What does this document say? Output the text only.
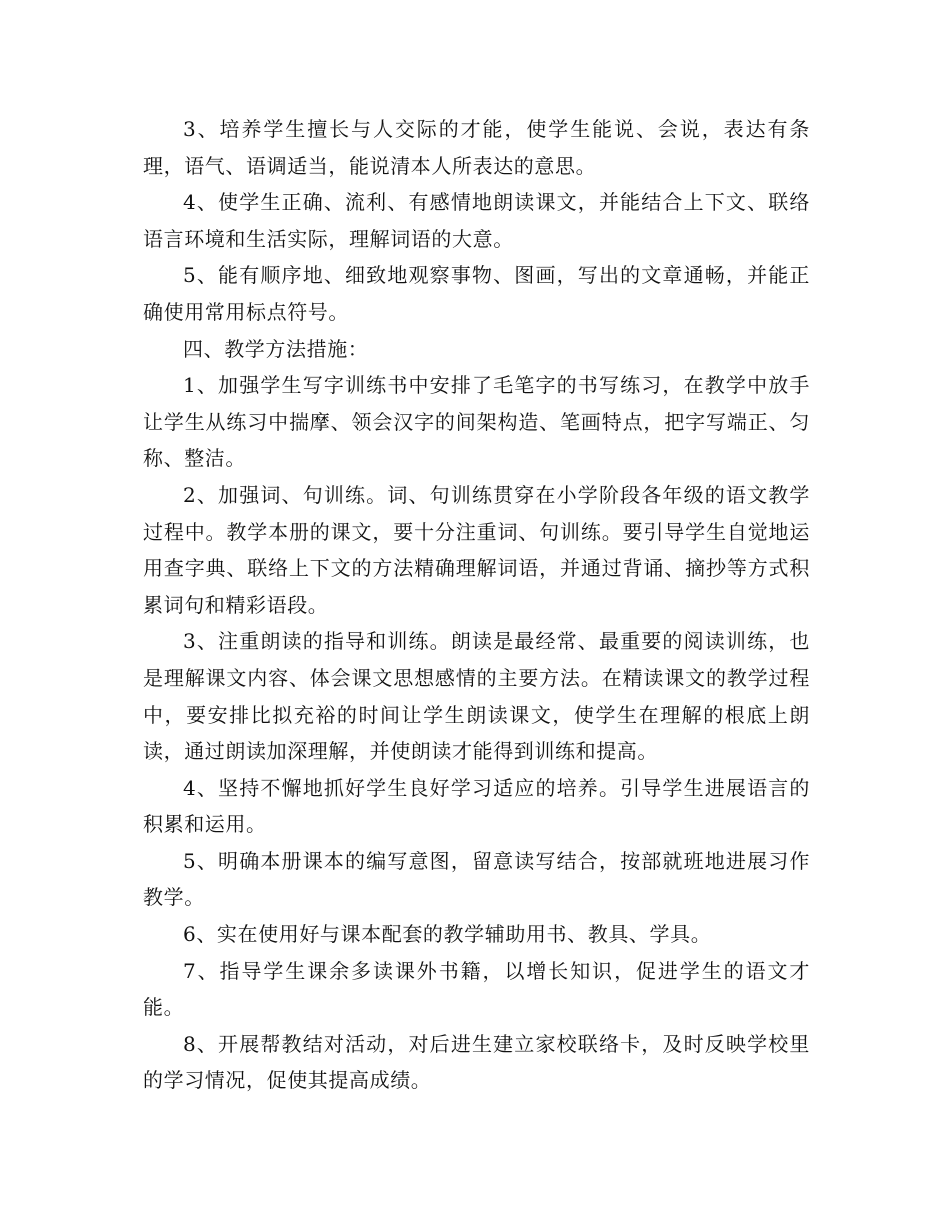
3、培养学生擅长与人交际的才能，使学生能说、会说，表达有条理，语气、语调适当，能说清本人所表达的意思。

4、使学生正确、流利、有感情地朗读课文，并能结合上下文、联络语言环境和生活实际，理解词语的大意。

5、能有顺序地、细致地观察事物、图画，写出的文章通畅，并能正确使用常用标点符号。

四、教学方法措施：

1、加强学生写字训练书中安排了毛笔字的书写练习，在教学中放手让学生从练习中揣摩、领会汉字的间架构造、笔画特点，把字写端正、匀称、整洁。

2、加强词、句训练。词、句训练贯穿在小学阶段各年级的语文教学过程中。教学本册的课文，要十分注重词、句训练。要引导学生自觉地运用查字典、联络上下文的方法精确理解词语，并通过背诵、摘抄等方式积累词句和精彩语段。

3、注重朗读的指导和训练。朗读是最经常、最重要的阅读训练，也是理解课文内容、体会课文思想感情的主要方法。在精读课文的教学过程中，要安排比拟充裕的时间让学生朗读课文，使学生在理解的根底上朗读，通过朗读加深理解，并使朗读才能得到训练和提高。

4、坚持不懈地抓好学生良好学习适应的培养。引导学生进展语言的积累和运用。

5、明确本册课本的编写意图，留意读写结合，按部就班地进展习作教学。

6、实在使用好与课本配套的教学辅助用书、教具、学具。

7、指导学生课余多读课外书籍，以增长知识，促进学生的语文才能。

8、开展帮教结对活动，对后进生建立家校联络卡，及时反映学校里的学习情况，促使其提高成绩。
